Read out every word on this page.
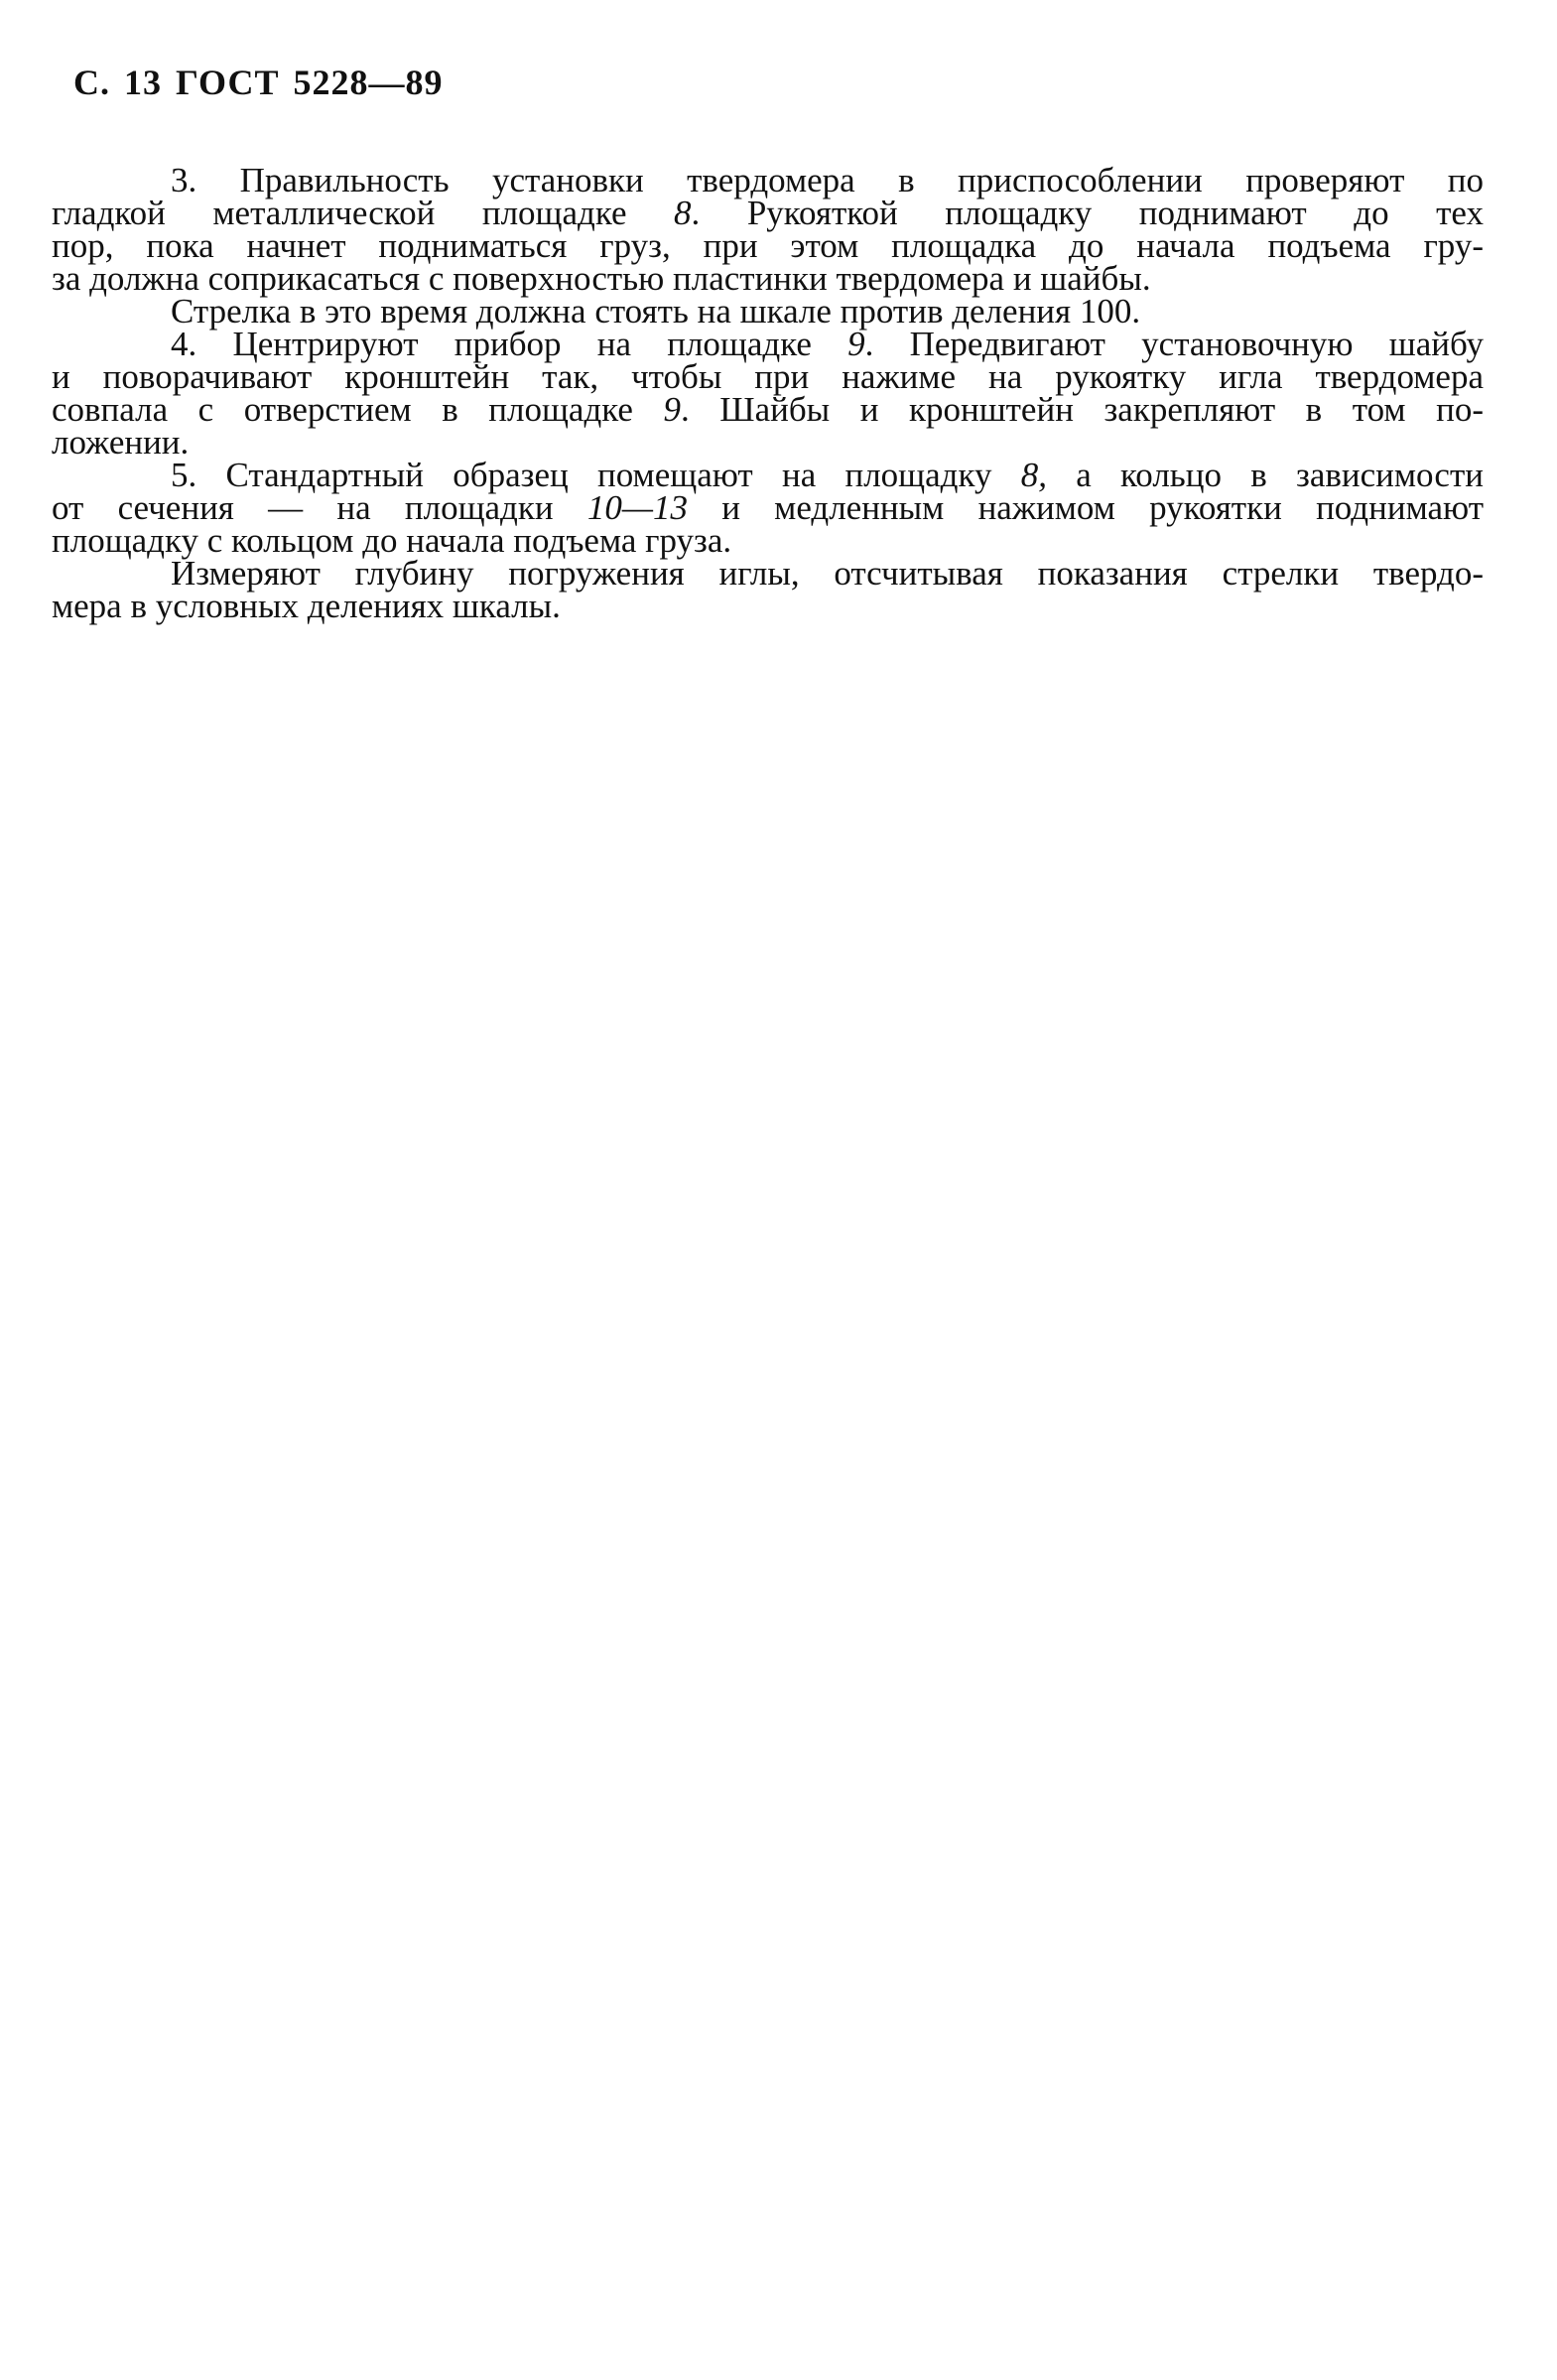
С. 13 ГОСТ 5228—89
3. Правильность установки твердомера в приспособлении проверяют по
гладкой металлической площадке 8. Рукояткой площадку поднимают до тех
пор, пока начнет подниматься груз, при этом площадка до начала подъема гру-
за должна соприкасаться с поверхностью пластинки твердомера и шайбы.
Стрелка в это время должна стоять на шкале против деления 100.
4. Центрируют прибор на площадке 9. Передвигают установочную шайбу
и поворачивают кронштейн так, чтобы при нажиме на рукоятку игла твердомера
совпала с отверстием в площадке 9. Шайбы и кронштейн закрепляют в том по-
ложении.
5. Стандартный образец помещают на площадку 8, а кольцо в зависимости
от сечения — на площадки 10—13 и медленным нажимом рукоятки поднимают
площадку с кольцом до начала подъема груза.
Измеряют глубину погружения иглы, отсчитывая показания стрелки твердо-
мера в условных делениях шкалы.
